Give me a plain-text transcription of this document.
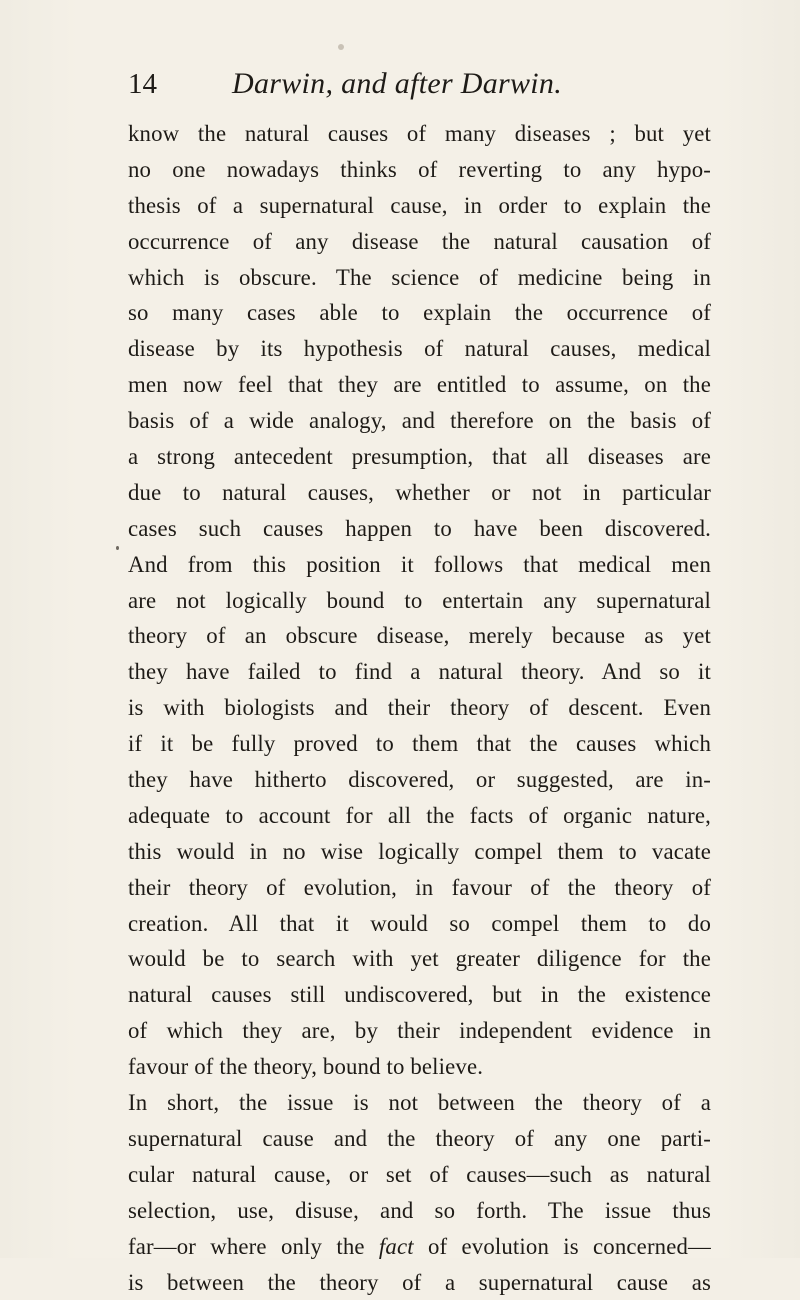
14	Darwin, and after Darwin.
know the natural causes of many diseases ; but yet
no one nowadays thinks of reverting to any hypo-
thesis of a supernatural cause, in order to explain the
occurrence of any disease the natural causation of
which is obscure. The science of medicine being in
so many cases able to explain the occurrence of
disease by its hypothesis of natural causes, medical
men now feel that they are entitled to assume, on the
basis of a wide analogy, and therefore on the basis of
a strong antecedent presumption, that all diseases are
due to natural causes, whether or not in particular
cases such causes happen to have been discovered.
And from this position it follows that medical men
are not logically bound to entertain any supernatural
theory of an obscure disease, merely because as yet
they have failed to find a natural theory. And so it
is with biologists and their theory of descent. Even
if it be fully proved to them that the causes which
they have hitherto discovered, or suggested, are in-
adequate to account for all the facts of organic nature,
this would in no wise logically compel them to vacate
their theory of evolution, in favour of the theory of
creation. All that it would so compel them to do
would be to search with yet greater diligence for the
natural causes still undiscovered, but in the existence
of which they are, by their independent evidence in
favour of the theory, bound to believe.
In short, the issue is not between the theory of a
supernatural cause and the theory of any one parti-
cular natural cause, or set of causes—such as natural
selection, use, disuse, and so forth. The issue thus
far—or where only the fact of evolution is concerned—
is between the theory of a supernatural cause as
